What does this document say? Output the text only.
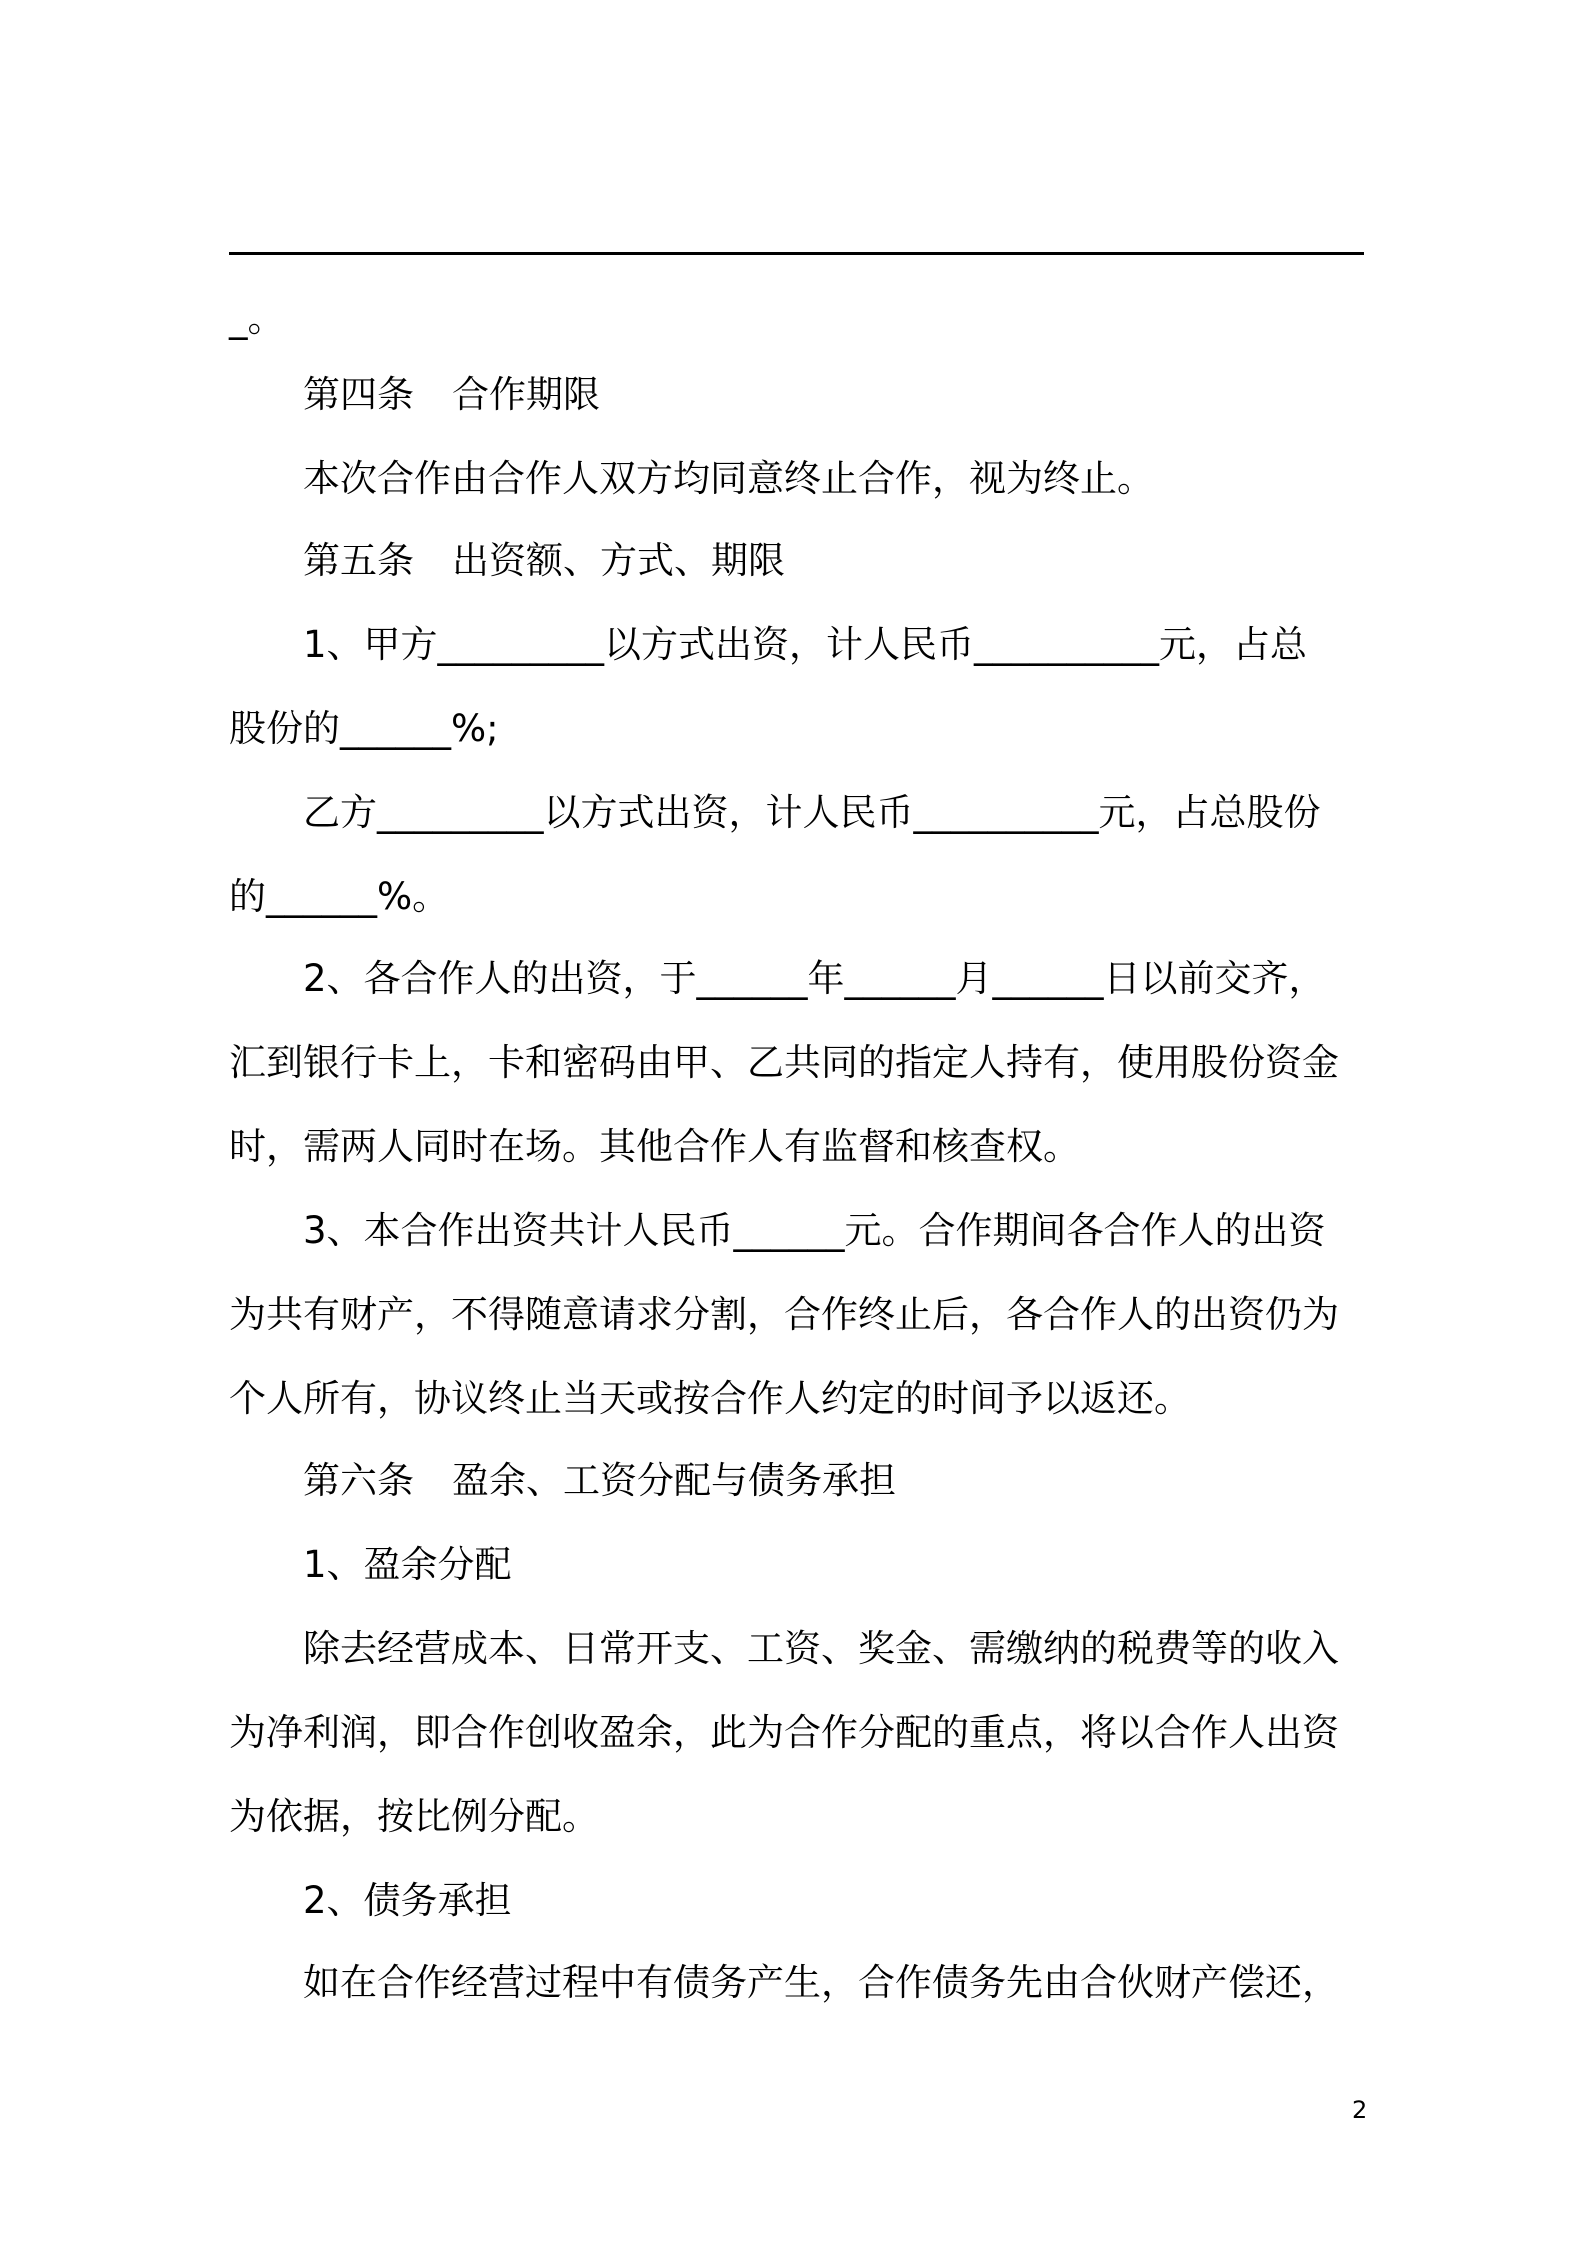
_。
第四条 合作期限
本次合作由合作人双方均同意终止合作，视为终止。
第五条 出资额、方式、期限
1、甲方_________以方式出资，计人民币__________元，占总
股份的______%;
乙方_________以方式出资，计人民币__________元，占总股份
的______%。
2、各合作人的出资，于______年______月______日以前交齐，
汇到银行卡上，卡和密码由甲、乙共同的指定人持有，使用股份资金
时，需两人同时在场。其他合作人有监督和核查权。
3、本合作出资共计人民币______元。合作期间各合作人的出资
为共有财产，不得随意请求分割，合作终止后，各合作人的出资仍为
个人所有，协议终止当天或按合作人约定的时间予以返还。
第六条 盈余、工资分配与债务承担
1、盈余分配
除去经营成本、日常开支、工资、奖金、需缴纳的税费等的收入
为净利润，即合作创收盈余，此为合作分配的重点，将以合作人出资
为依据，按比例分配。
2、债务承担
如在合作经营过程中有债务产生，合作债务先由合伙财产偿还，
2
